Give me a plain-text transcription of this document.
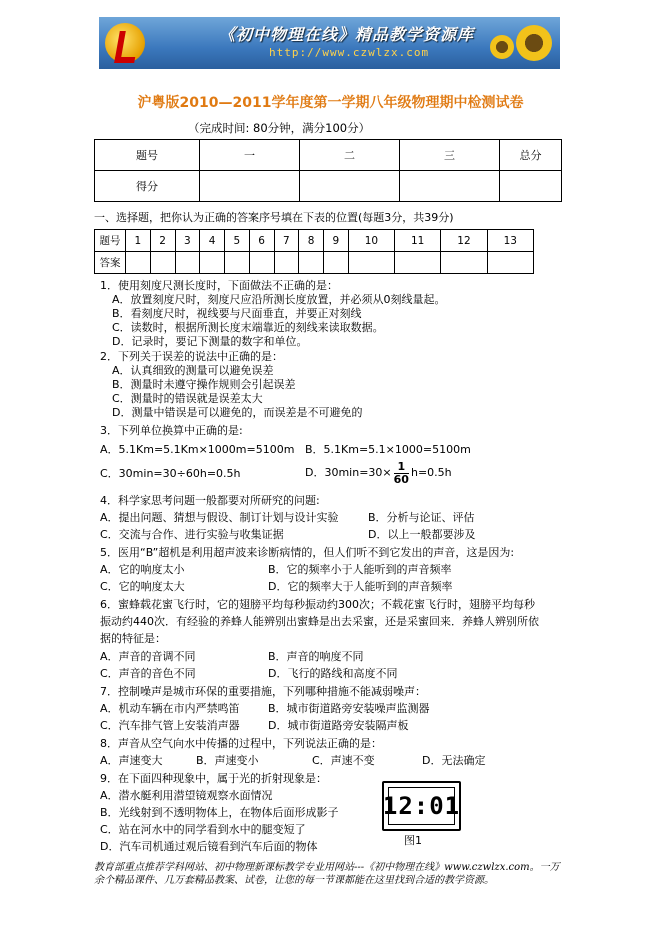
《初中物理在线》精品教学资源库
http://www.czwlzx.com
沪粤版2010—2011学年度第一学期八年级物理期中检测试卷
（完成时间: 80分钟，满分100分）
题号	一	二	三	总分
得分				
一、选择题，把你认为正确的答案序号填在下表的位置(每题3分，共39分)
题号	1	2	3	4	5	6	7	8	9	10	11	12	13
答案													
1．使用刻度尺测长度时，下面做法不正确的是：
A．放置刻度尺时，刻度尺应沿所测长度放置，并必须从0刻线量起。
B．看刻度尺时，视线要与尺面垂直，并要正对刻线
C．读数时，根据所测长度末端靠近的刻线来读取数据。
D．记录时，要记下测量的数字和单位。
2．下列关于误差的说法中正确的是：
A．认真细致的测量可以避免误差
B．测量时未遵守操作规则会引起误差
C．测量时的错误就是误差太大
D．测量中错误是可以避免的，而误差是不可避免的
3．下列单位换算中正确的是:
A．5.1Km=5.1Km×1000m=5100m B．5.1Km=5.1×1000=5100m
C．30min=30÷60h=0.5h	D．$30\min=30\times \frac{1}{60} h=0.5h$
4．科学家思考问题一般都要对所研究的问题:
A．提出问题、猜想与假设、制订计划与设计实验	B．分析与论证、评估
C．交流与合作、进行实验与收集证据	D．以上一般都要涉及
5．医用“B”超机是利用超声波来诊断病情的，但人们听不到它发出的声音，这是因为:
A．它的响度太小	B．它的频率小于人能听到的声音频率
C．它的响度太大	D．它的频率大于人能听到的声音频率
6．蜜蜂载花蜜飞行时，它的翅膀平均每秒振动约300次；不载花蜜飞行时，翅膀平均每秒
振动约440次．有经验的养蜂人能辨别出蜜蜂是出去采蜜，还是采蜜回来．养蜂人辨别所依
据的特征是：
A．声音的音调不同	B．声音的响度不同
C．声音的音色不同	D．飞行的路线和高度不同
7．控制噪声是城市环保的重要措施，下列哪种措施不能减弱噪声：
A．机动车辆在市内严禁鸣笛	B．城市街道路旁安装噪声监测器
C．汽车排气管上安装消声器	D．城市街道路旁安装隔声板
8．声音从空气向水中传播的过程中，下列说法正确的是：
A．声速变大	B．声速变小	C．声速不变	D．无法确定
9．在下面四种现象中，属于光的折射现象是：
A．潜水艇利用潜望镜观察水面情况
B．光线射到不透明物体上，在物体后面形成影子
C．站在河水中的同学看到水中的腿变短了
D．汽车司机通过观后镜看到汽车后面的物体
12:01
图1
教育部重点推荐学科网站、初中物理新课标教学专业用网站---《初中物理在线》www.czwlzx.com。一万余个精品课件、几万套精品教案、试卷，让您的每一节课都能在这里找到合适的教学资源。
